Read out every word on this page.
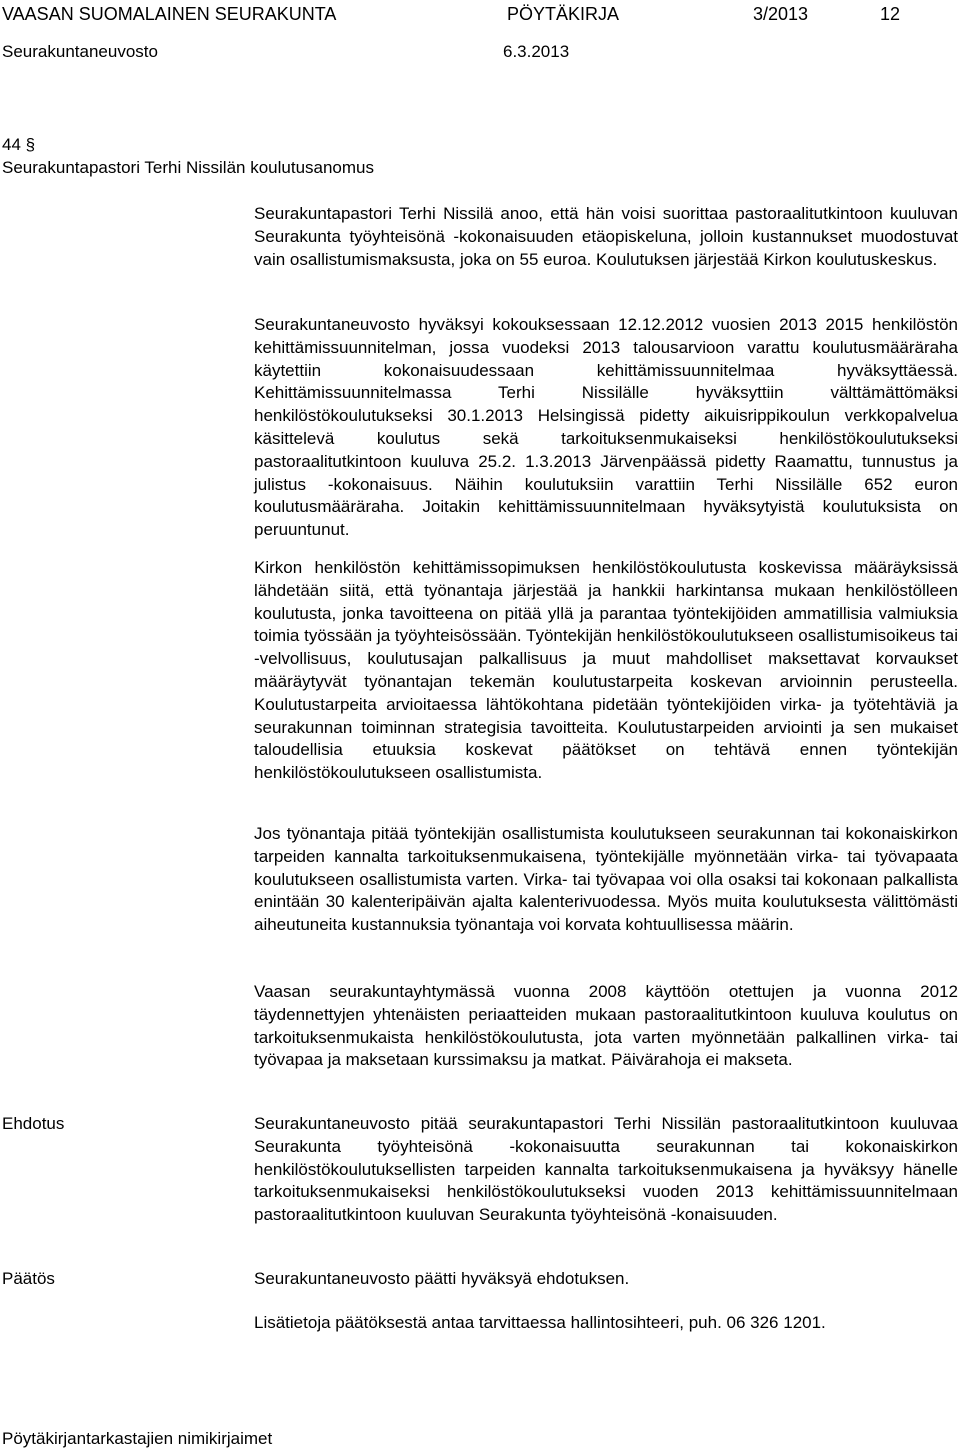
VAASAN SUOMALAINEN SEURAKUNTA	PÖYTÄKIRJA	3/2013	12
Seurakuntaneuvosto	6.3.2013
44 §
Seurakuntapastori Terhi Nissilän koulutusanomus

Seurakuntapastori Terhi Nissilä anoo, että hän voisi suorittaa pastoraalitutkintoon kuuluvan Seurakunta työyhteisönä -kokonaisuuden etäopiskeluna, jolloin kustannukset muodostuvat vain osallistumismaksusta, joka on 55 euroa. Koulutuksen järjestää Kirkon koulutuskeskus.

Seurakuntaneuvosto hyväksyi kokouksessaan 12.12.2012 vuosien 2013 2015 henkilöstön kehittämissuunnitelman, jossa vuodeksi 2013 talousarvioon varattu koulutusmääräraha käytettiin kokonaisuudessaan kehittämissuunnitelmaa hyväksyttäessä. Kehittämissuunnitelmassa Terhi Nissilälle hyväksyttiin välttämättömäksi henkilöstökoulutukseksi 30.1.2013 Helsingissä pidetty aikuisrippikoulun verkkopalvelua käsittelevä koulutus sekä tarkoituksenmukaiseksi henkilöstökoulutukseksi pastoraalitutkintoon kuuluva 25.2. 1.3.2013 Järvenpäässä pidetty Raamattu, tunnustus ja julistus -kokonaisuus. Näihin koulutuksiin varattiin Terhi Nissilälle 652 euron koulutusmääräraha. Joitakin kehittämissuunnitelmaan hyväksytyistä koulutuksista on peruuntunut.

Kirkon henkilöstön kehittämissopimuksen henkilöstökoulutusta koskevissa määräyksissä lähdetään siitä, että työnantaja järjestää ja hankkii harkintansa mukaan henkilöstölleen koulutusta, jonka tavoitteena on pitää yllä ja parantaa työntekijöiden ammatillisia valmiuksia toimia työssään ja työyhteisössään. Työntekijän henkilöstökoulutukseen osallistumisoikeus tai -velvollisuus, koulutusajan palkallisuus ja muut mahdolliset maksettavat korvaukset määräytyvät työnantajan tekemän koulutustarpeita koskevan arvioinnin perusteella. Koulutustarpeita arvioitaessa lähtökohtana pidetään työntekijöiden virka- ja työtehtäviä ja seurakunnan toiminnan strategisia tavoitteita. Koulutustarpeiden arviointi ja sen mukaiset taloudellisia etuuksia koskevat päätökset on tehtävä ennen työntekijän henkilöstökoulutukseen osallistumista.

Jos työnantaja pitää työntekijän osallistumista koulutukseen seurakunnan tai kokonaiskirkon tarpeiden kannalta tarkoituksenmukaisena, työntekijälle myönnetään virka- tai työvapaata koulutukseen osallistumista varten. Virka- tai työvapaa voi olla osaksi tai kokonaan palkallista enintään 30 kalenteripäivän ajalta kalenterivuodessa. Myös muita koulutuksesta välittömästi aiheutuneita kustannuksia työnantaja voi korvata kohtuullisessa määrin.

Vaasan seurakuntayhtymässä vuonna 2008 käyttöön otettujen ja vuonna 2012 täydennettyjen yhtenäisten periaatteiden mukaan pastoraalitutkintoon kuuluva koulutus on tarkoituksenmukaista henkilöstökoulutusta, jota varten myönnetään palkallinen virka- tai työvapaa ja maksetaan kurssimaksu ja matkat. Päivärahoja ei makseta.

Ehdotus	Seurakuntaneuvosto pitää seurakuntapastori Terhi Nissilän pastoraalitutkintoon kuuluvaa Seurakunta työyhteisönä -kokonaisuutta seurakunnan tai kokonaiskirkon henkilöstökoulutuksellisten tarpeiden kannalta tarkoituksenmukaisena ja hyväksyy hänelle tarkoituksenmukaiseksi henkilöstökoulutukseksi vuoden 2013 kehittämissuunnitelmaan pastoraalitutkintoon kuuluvan Seurakunta työyhteisönä -konaisuuden.

Päätös	Seurakuntaneuvosto päätti hyväksyä ehdotuksen.

Lisätietoja päätöksestä antaa tarvittaessa hallintosihteeri, puh. 06 326 1201.

Pöytäkirjantarkastajien nimikirjaimet
